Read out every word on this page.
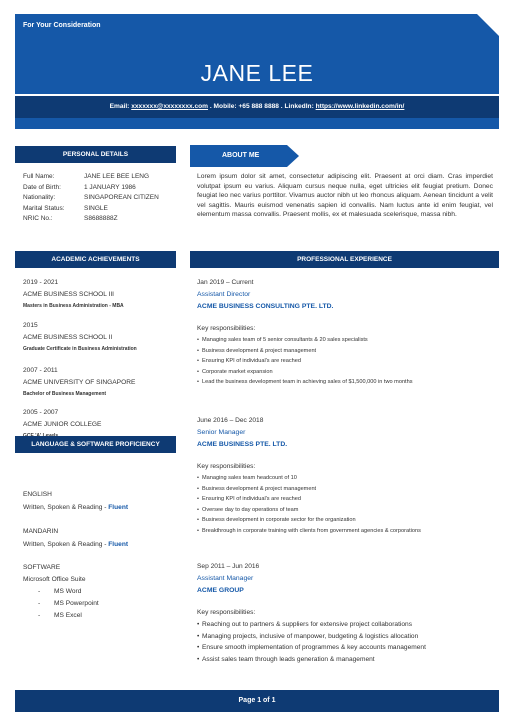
For Your Consideration
JANE LEE
Email: xxxxxxx@xxxxxxxx.com . Mobile: +65 888 8888 . LinkedIn: https://www.linkedin.com/in/
PERSONAL DETAILS
Full Name:	JANE LEE BEE LENG
Date of Birth:	1 JANUARY 1986
Nationality:	SINGAPOREAN CITIZEN
Marital Status:	SINGLE
NRIC No.:	S8688888Z
ABOUT ME
Lorem ipsum dolor sit amet, consectetur adipiscing elit. Praesent at orci diam. Cras imperdiet volutpat ipsum eu varius. Aliquam cursus neque nulla, eget ultricies elit feugiat pretium. Donec feugiat leo nec varius porttitor. Vivamus auctor nibh ut leo rhoncus aliquam. Aenean tincidunt a velit vel sagittis. Mauris euismod venenatis sapien id convallis. Nam luctus ante id enim feugiat, vel elementum massa convallis. Praesent mollis, ex et malesuada scelerisque, massa nibh.
ACADEMIC ACHIEVEMENTS
2019 - 2021
ACME BUSINESS SCHOOL III
Masters in Business Administration - MBA
2015
ACME BUSINESS SCHOOL II
Graduate Certificate in Business Administration
2007 - 2011
ACME UNIVERSITY OF SINGAPORE
Bachelor of Business Management
2005 - 2007
ACME JUNIOR COLLEGE
LANGUAGE & SOFTWARE PROFICIENCY
ENGLISH
Written, Spoken & Reading - Fluent
MANDARIN
Written, Spoken & Reading - Fluent
SOFTWARE
Microsoft Office Suite
- MS Word
- MS Powerpoint
- MS Excel
PROFESSIONAL EXPERIENCE
Jan 2019 – Current
Assistant Director
ACME BUSINESS CONSULTING PTE. LTD.
Key responsibilities:
• Managing sales team of 5 senior consultants & 20 sales specialists
• Business development & project management
• Ensuring KPI of individual's are reached
• Corporate market expansion
• Lead the business development team in achieving sales of $1,500,000 in two months
June 2016 – Dec 2018
Senior Manager
ACME BUSINESS PTE. LTD.
Key responsibilities:
• Managing sales team headcount of 10
• Business development & project management
• Ensuring KPI of individual's are reached
• Oversee day to day operations of team
• Business development in corporate sector for the organization
• Breakthrough in corporate training with clients from government agencies & corporations
Sep 2011 – Jun 2016
Assistant Manager
ACME GROUP
Key responsibilities:
• Reaching out to partners & suppliers for extensive project collaborations
• Managing projects, inclusive of manpower, budgeting & logistics allocation
• Ensure smooth implementation of programmes & key accounts management
• Assist sales team through leads generation & management
Page 1 of 1
